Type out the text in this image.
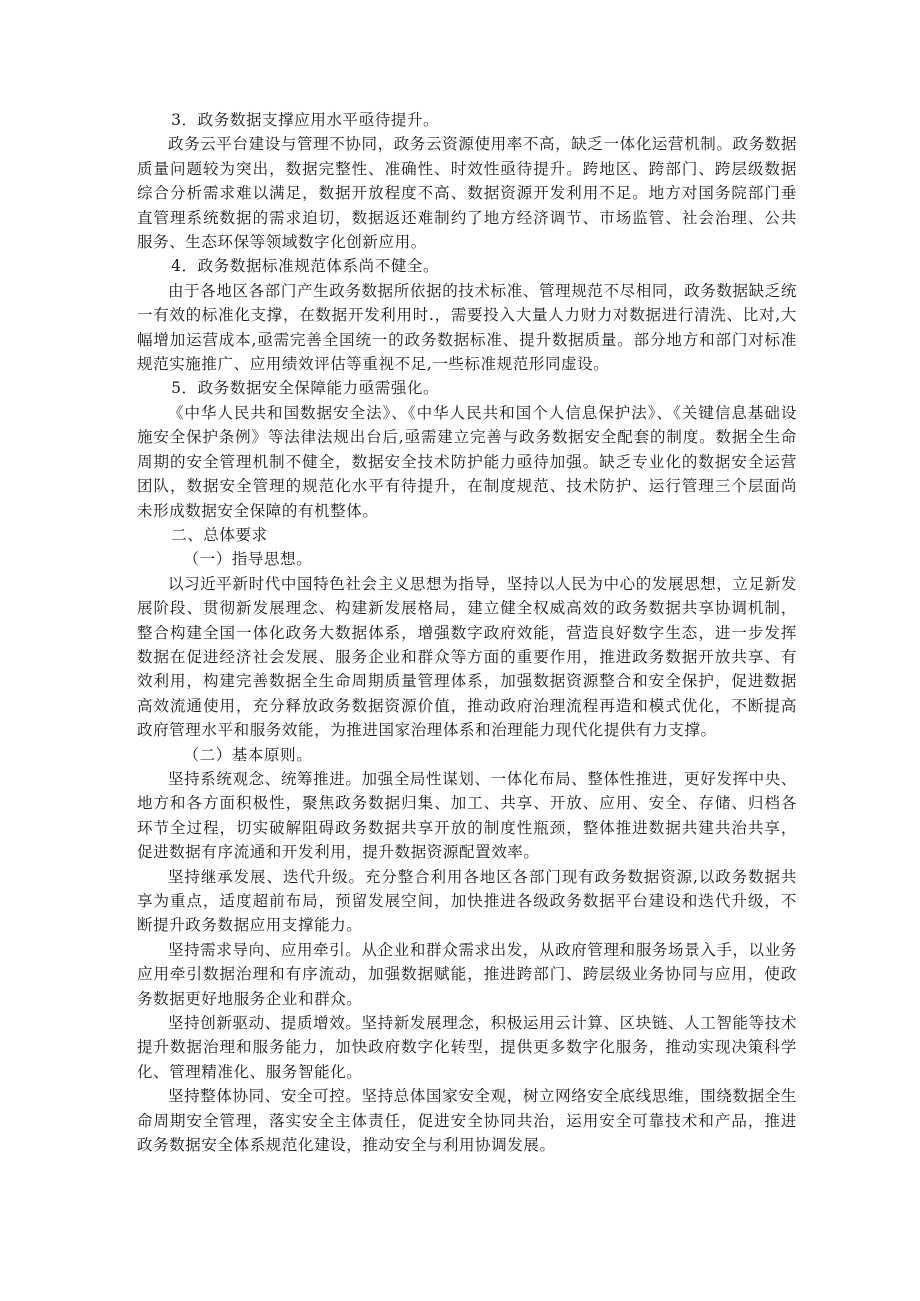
3．政务数据支撑应用水平亟待提升。

政务云平台建设与管理不协同，政务云资源使用率不高，缺乏一体化运营机制。政务数据质量问题较为突出，数据完整性、准确性、时效性亟待提升。跨地区、跨部门、跨层级数据综合分析需求难以满足，数据开放程度不高、数据资源开发利用不足。地方对国务院部门垂直管理系统数据的需求迫切，数据返还难制约了地方经济调节、市场监管、社会治理、公共服务、生态环保等领域数字化创新应用。

4．政务数据标准规范体系尚不健全。

由于各地区各部门产生政务数据所依据的技术标准、管理规范不尽相同，政务数据缺乏统一有效的标准化支撑，在数据开发利用时.，需要投入大量人力财力对数据进行清洗、比对,大幅增加运营成本,亟需完善全国统一的政务数据标准、提升数据质量。部分地方和部门对标准规范实施推广、应用绩效评估等重视不足,一些标准规范形同虚设。

5．政务数据安全保障能力亟需强化。

《中华人民共和国数据安全法》、《中华人民共和国个人信息保护法》、《关键信息基础设施安全保护条例》等法律法规出台后,亟需建立完善与政务数据安全配套的制度。数据全生命周期的安全管理机制不健全，数据安全技术防护能力亟待加强。缺乏专业化的数据安全运营团队，数据安全管理的规范化水平有待提升，在制度规范、技术防护、运行管理三个层面尚未形成数据安全保障的有机整体。

二、总体要求

（一）指导思想。

以习近平新时代中国特色社会主义思想为指导，坚持以人民为中心的发展思想，立足新发展阶段、贯彻新发展理念、构建新发展格局，建立健全权威高效的政务数据共享协调机制，整合构建全国一体化政务大数据体系，增强数字政府效能，营造良好数字生态，进一步发挥数据在促进经济社会发展、服务企业和群众等方面的重要作用，推进政务数据开放共享、有效利用，构建完善数据全生命周期质量管理体系，加强数据资源整合和安全保护，促进数据高效流通使用，充分释放政务数据资源价值，推动政府治理流程再造和模式优化，不断提高政府管理水平和服务效能，为推进国家治理体系和治理能力现代化提供有力支撑。

（二）基本原则。

坚持系统观念、统筹推进。加强全局性谋划、一体化布局、整体性推进，更好发挥中央、地方和各方面积极性，聚焦政务数据归集、加工、共享、开放、应用、安全、存储、归档各环节全过程，切实破解阻碍政务数据共享开放的制度性瓶颈，整体推进数据共建共治共享，促进数据有序流通和开发利用，提升数据资源配置效率。

坚持继承发展、迭代升级。充分整合利用各地区各部门现有政务数据资源,以政务数据共享为重点，适度超前布局，预留发展空间，加快推进各级政务数据平台建设和迭代升级，不断提升政务数据应用支撑能力。

坚持需求导向、应用牵引。从企业和群众需求出发，从政府管理和服务场景入手，以业务应用牵引数据治理和有序流动，加强数据赋能，推进跨部门、跨层级业务协同与应用，使政务数据更好地服务企业和群众。

坚持创新驱动、提质增效。坚持新发展理念，积极运用云计算、区块链、人工智能等技术提升数据治理和服务能力，加快政府数字化转型，提供更多数字化服务，推动实现决策科学化、管理精准化、服务智能化。

坚持整体协同、安全可控。坚持总体国家安全观，树立网络安全底线思维，围绕数据全生命周期安全管理，落实安全主体责任，促进安全协同共治，运用安全可靠技术和产品，推进政务数据安全体系规范化建设，推动安全与利用协调发展。
